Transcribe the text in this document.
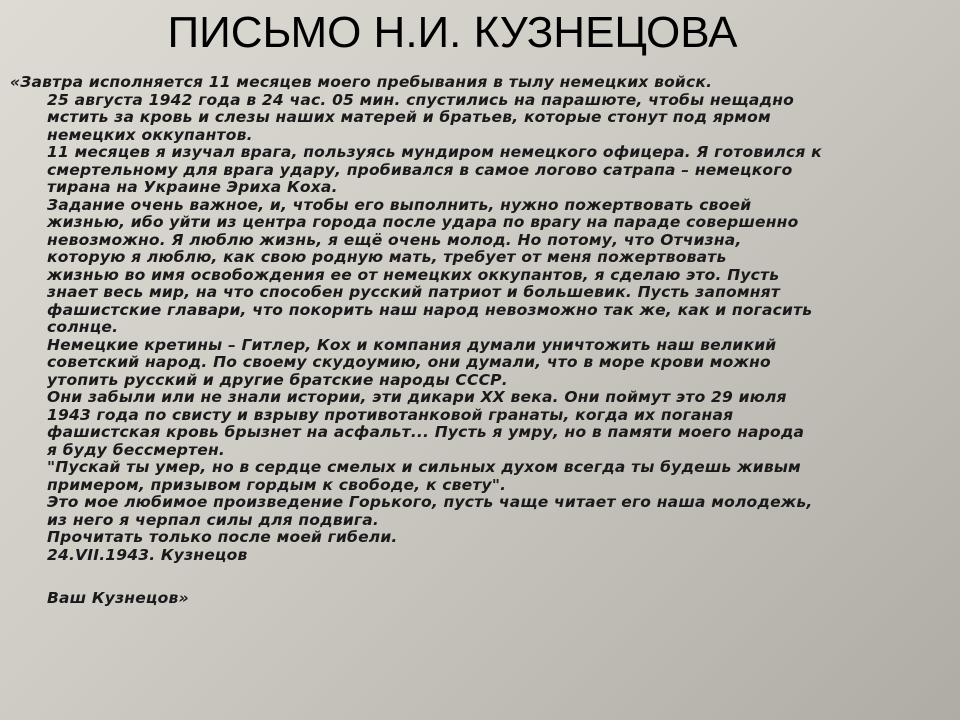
ПИСЬМО Н.И. КУЗНЕЦОВА
«Завтра исполняется 11 месяцев моего пребывания в тылу немецких войск.
25 августа 1942 года в 24 час. 05 мин. спустились на парашюте, чтобы нещадно
мстить за кровь и слезы наших матерей и братьев, которые стонут под ярмом
немецких оккупантов.
11 месяцев я изучал врага, пользуясь мундиром немецкого офицера. Я готовился к
смертельному для врага удару, пробивался в самое логово сатрапа – немецкого
тирана на Украине Эриха Коха.
Задание очень важное, и, чтобы его выполнить, нужно пожертвовать своей
жизнью, ибо уйти из центра города после удара по врагу на параде совершенно
невозможно. Я люблю жизнь, я ещё очень молод. Но потому, что Отчизна,
которую я люблю, как свою родную мать, требует от меня пожертвовать
жизнью во имя освобождения ее от немецких оккупантов, я сделаю это. Пусть
знает весь мир, на что способен русский патриот и большевик. Пусть запомнят
фашистские главари, что покорить наш народ невозможно так же, как и погасить
солнце.
Немецкие кретины – Гитлер, Кох и компания думали уничтожить наш великий
советский народ. По своему скудоумию, они думали, что в море крови можно
утопить русский и другие братские народы СССР.
Они забыли или не знали истории, эти дикари XX века. Они поймут это 29 июля
1943 года по свисту и взрыву противотанковой гранаты, когда их поганая
фашистская кровь брызнет на асфальт... Пусть я умру, но в памяти моего народа
я буду бессмертен.
"Пускай ты умер, но в сердце смелых и сильных духом всегда ты будешь живым
примером, призывом гордым к свободе, к свету".
Это мое любимое произведение Горького, пусть чаще читает его наша молодежь,
из него я черпал силы для подвига.
Прочитать только после моей гибели.
24.VII.1943. Кузнецов
Ваш Кузнецов»
